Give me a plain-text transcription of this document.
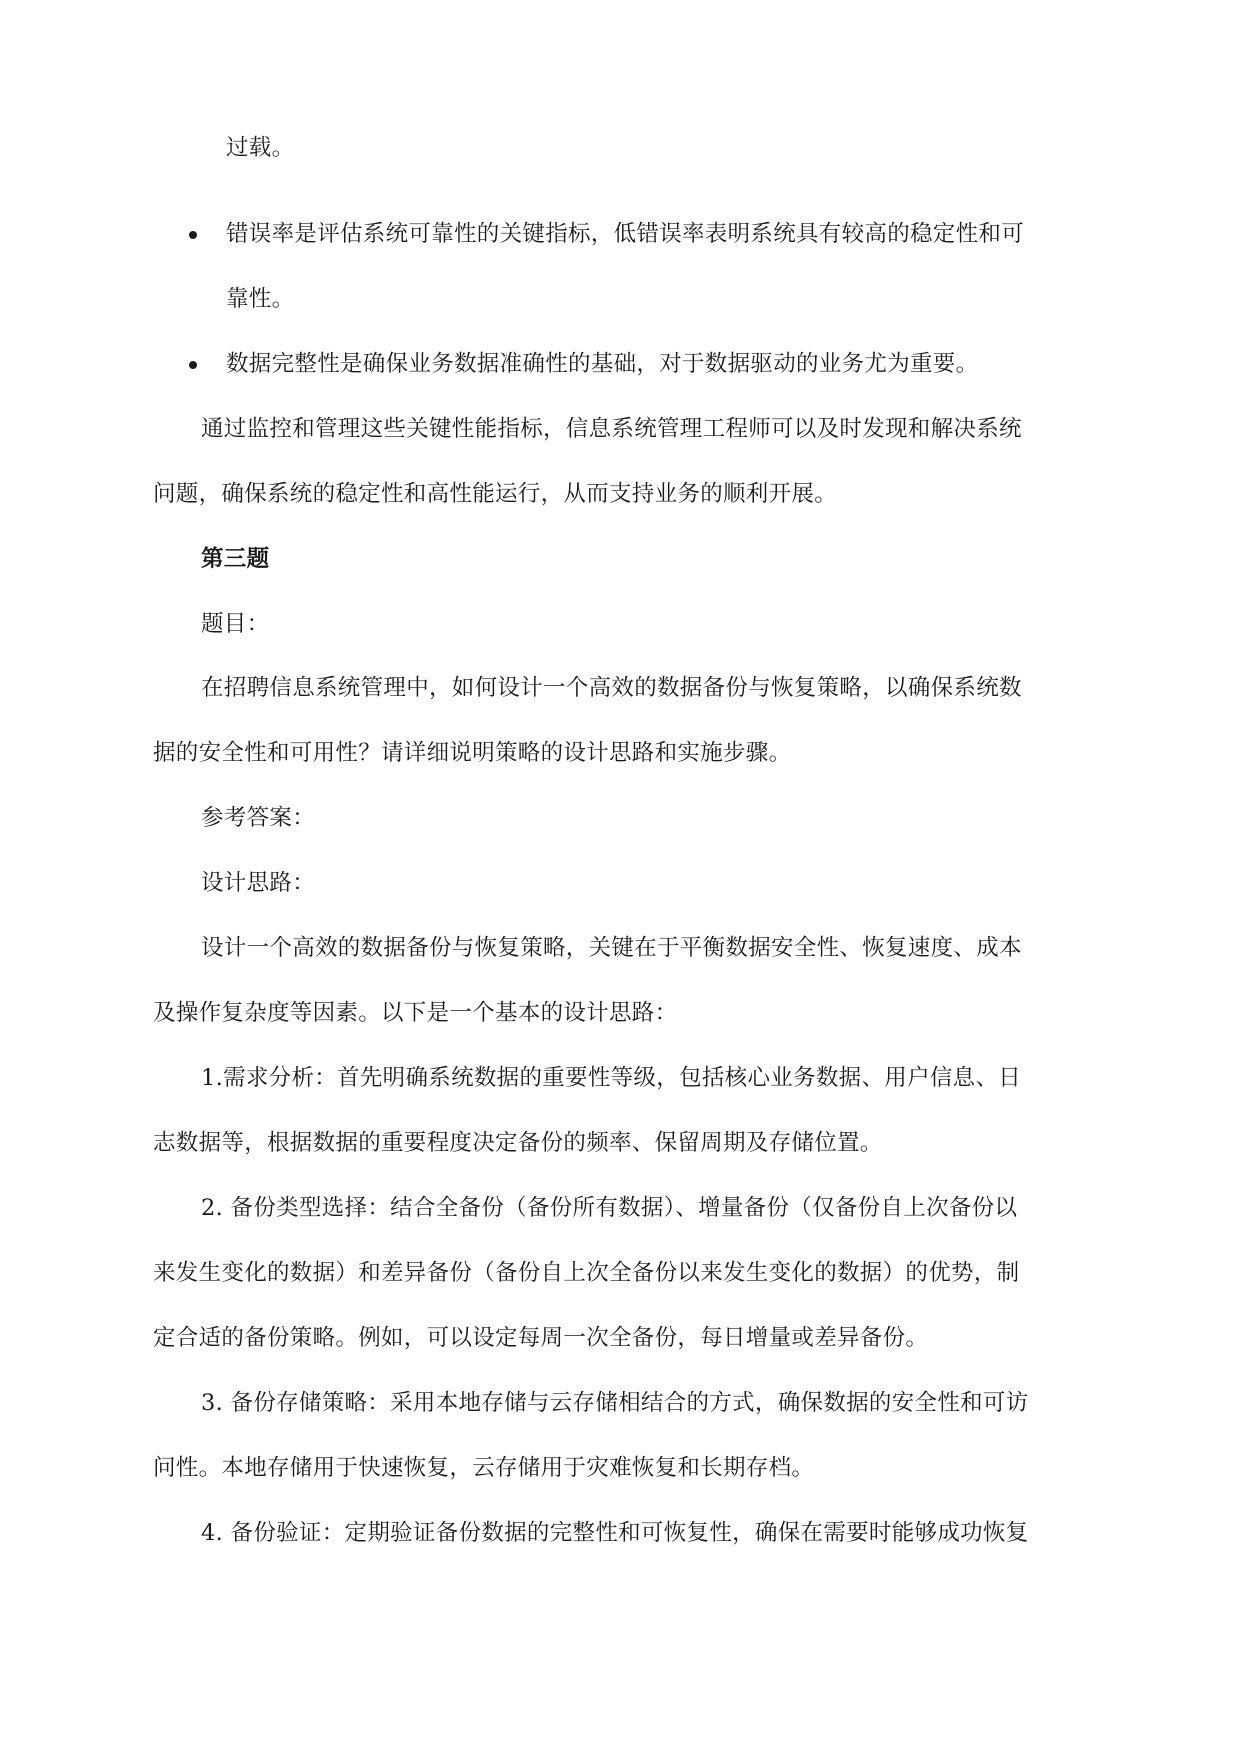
过载。
错误率是评估系统可靠性的关键指标，低错误率表明系统具有较高的稳定性和可
靠性。
数据完整性是确保业务数据准确性的基础，对于数据驱动的业务尤为重要。
通过监控和管理这些关键性能指标，信息系统管理工程师可以及时发现和解决系统
问题，确保系统的稳定性和高性能运行，从而支持业务的顺利开展。
第三题
题目：
在招聘信息系统管理中，如何设计一个高效的数据备份与恢复策略，以确保系统数
据的安全性和可用性？请详细说明策略的设计思路和实施步骤。
参考答案：
设计思路：
设计一个高效的数据备份与恢复策略，关键在于平衡数据安全性、恢复速度、成本
及操作复杂度等因素。以下是一个基本的设计思路：
1.需求分析：首先明确系统数据的重要性等级，包括核心业务数据、用户信息、日
志数据等，根据数据的重要程度决定备份的频率、保留周期及存储位置。
2. 备份类型选择：结合全备份（备份所有数据）、增量备份（仅备份自上次备份以
来发生变化的数据）和差异备份（备份自上次全备份以来发生变化的数据）的优势，制
定合适的备份策略。例如，可以设定每周一次全备份，每日增量或差异备份。
3. 备份存储策略：采用本地存储与云存储相结合的方式，确保数据的安全性和可访
问性。本地存储用于快速恢复，云存储用于灾难恢复和长期存档。
4. 备份验证：定期验证备份数据的完整性和可恢复性，确保在需要时能够成功恢复
